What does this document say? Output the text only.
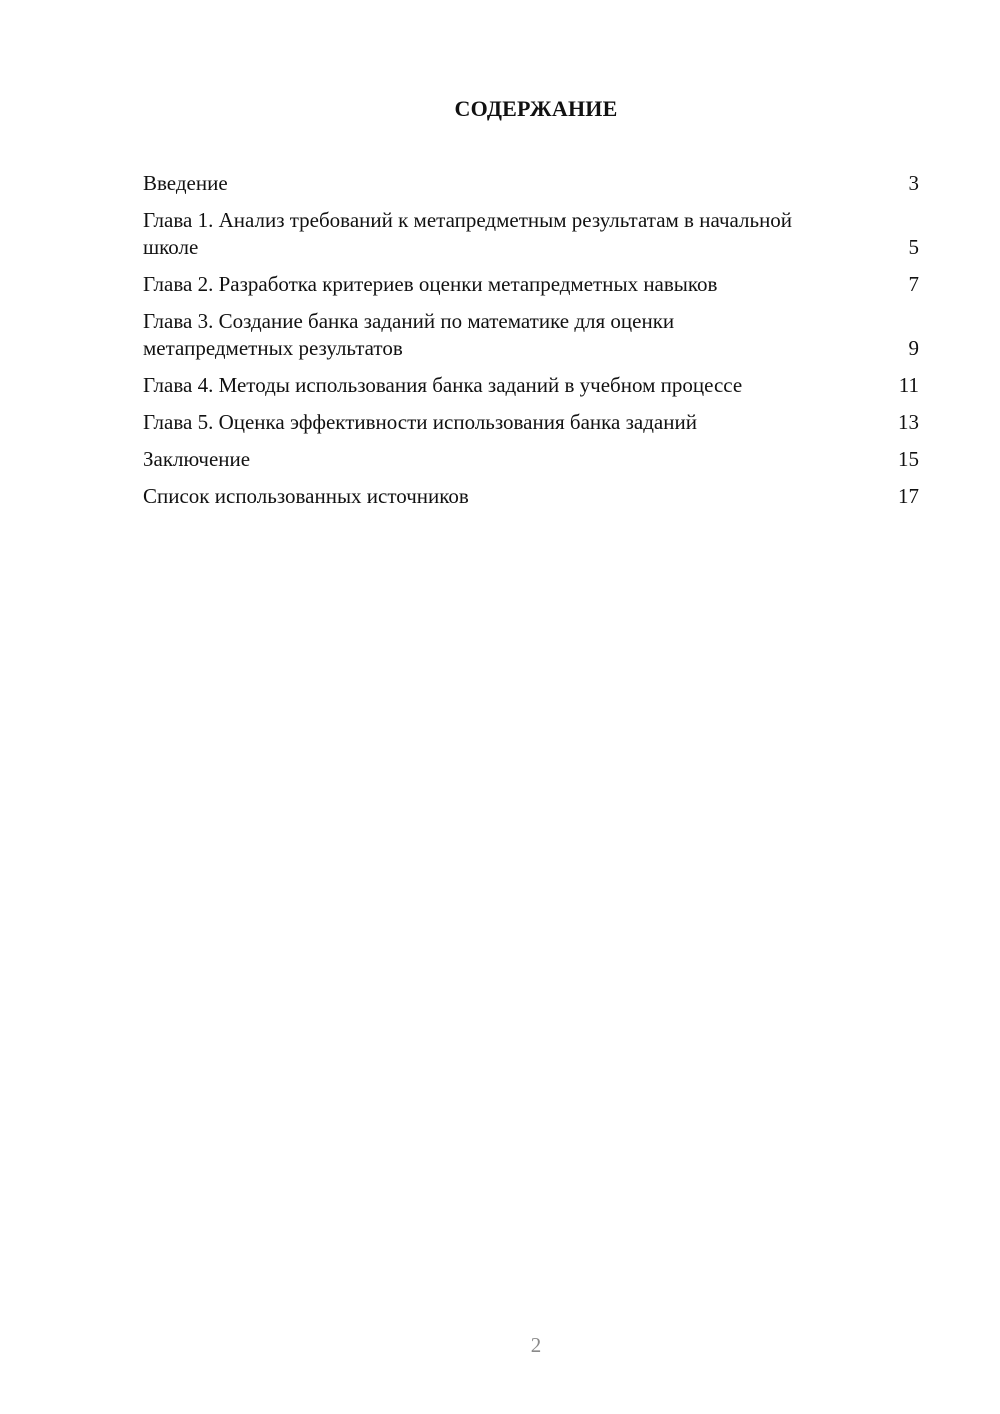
СОДЕРЖАНИЕ
Введение	3
Глава 1. Анализ требований к метапредметным результатам в начальной школе	5
Глава 2. Разработка критериев оценки метапредметных навыков	7
Глава 3. Создание банка заданий по математике для оценки метапредметных результатов	9
Глава 4. Методы использования банка заданий в учебном процессе	11
Глава 5. Оценка эффективности использования банка заданий	13
Заключение	15
Список использованных источников	17
2
